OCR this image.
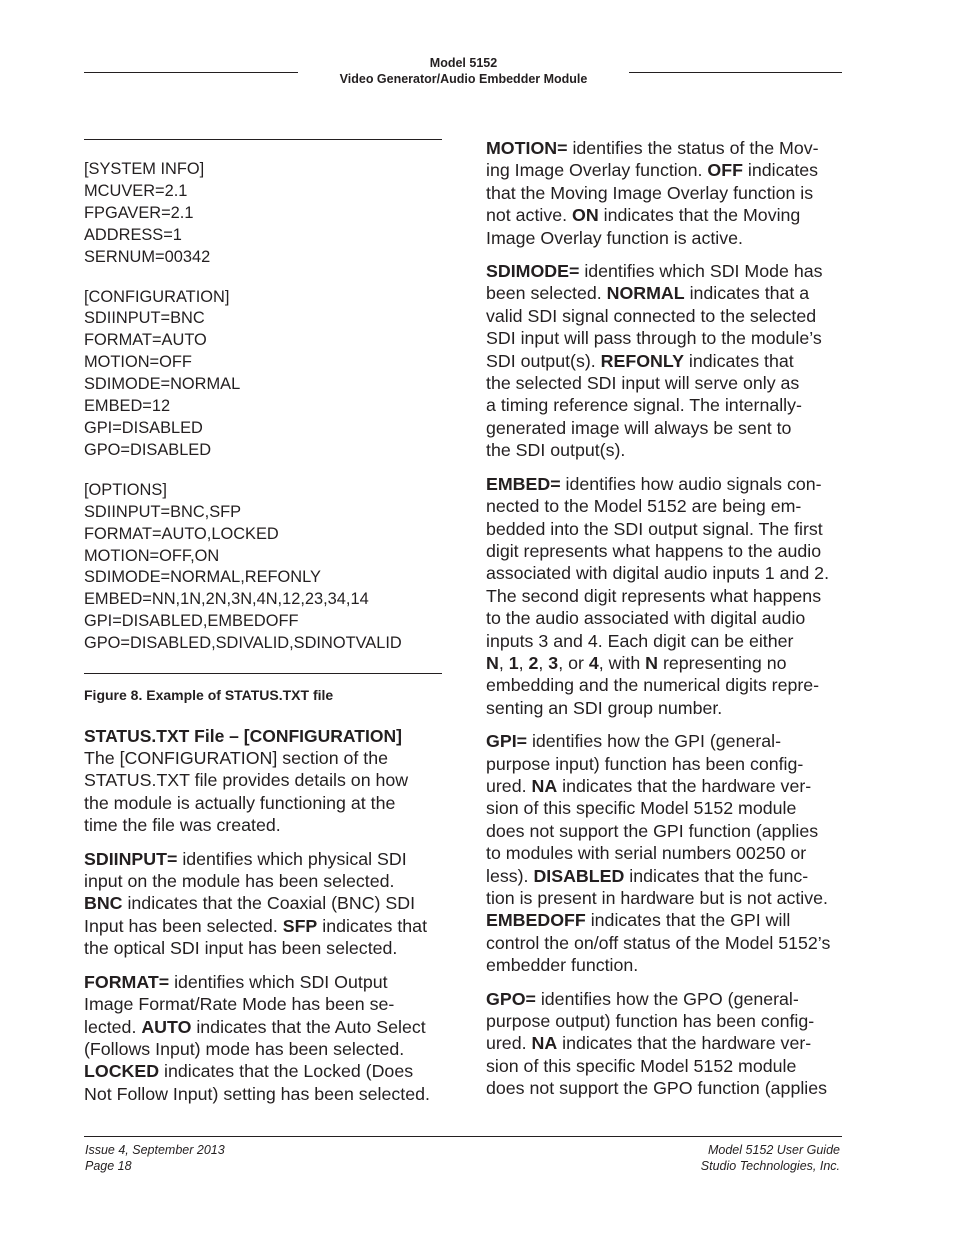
Model 5152
Video Generator/Audio Embedder Module
[SYSTEM INFO]
MCUVER=2.1
FPGAVER=2.1
ADDRESS=1
SERNUM=00342
[CONFIGURATION]
SDIINPUT=BNC
FORMAT=AUTO
MOTION=OFF
SDIMODE=NORMAL
EMBED=12
GPI=DISABLED
GPO=DISABLED
[OPTIONS]
SDIINPUT=BNC,SFP
FORMAT=AUTO,LOCKED
MOTION=OFF,ON
SDIMODE=NORMAL,REFONLY
EMBED=NN,1N,2N,3N,4N,12,23,34,14
GPI=DISABLED,EMBEDOFF
GPO=DISABLED,SDIVALID,SDINOTVALID
Figure 8. Example of STATUS.TXT file
STATUS.TXT File – [CONFIGURATION]
The [CONFIGURATION] section of the
STATUS.TXT file provides details on how
the module is actually functioning at the
time the file was created.
SDIINPUT= identifies which physical SDI
input on the module has been selected.
BNC indicates that the Coaxial (BNC) SDI
Input has been selected. SFP indicates that
the optical SDI input has been selected.
FORMAT= identifies which SDI Output
Image Format/Rate Mode has been se-
lected. AUTO indicates that the Auto Select
(Follows Input) mode has been selected.
LOCKED indicates that the Locked (Does
Not Follow Input) setting has been selected.
MOTION= identifies the status of the Mov-
ing Image Overlay function. OFF indicates
that the Moving Image Overlay function is
not active. ON indicates that the Moving
Image Overlay function is active.
SDIMODE= identifies which SDI Mode has
been selected. NORMAL indicates that a
valid SDI signal connected to the selected
SDI input will pass through to the module’s
SDI output(s). REFONLY indicates that
the selected SDI input will serve only as
a timing reference signal. The internally-
generated image will always be sent to
the SDI output(s).
EMBED= identifies how audio signals con-
nected to the Model 5152 are being em-
bedded into the SDI output signal. The first
digit represents what happens to the audio
associated with digital audio inputs 1 and 2.
The second digit represents what happens
to the audio associated with digital audio
inputs 3 and 4. Each digit can be either
N, 1, 2, 3, or 4, with N representing no
embedding and the numerical digits repre-
senting an SDI group number.
GPI= identifies how the GPI (general-
purpose input) function has been config-
ured. NA indicates that the hardware ver-
sion of this specific Model 5152 module
does not support the GPI function (applies
to modules with serial numbers 00250 or
less). DISABLED indicates that the func-
tion is present in hardware but is not active.
EMBEDOFF indicates that the GPI will
control the on/off status of the Model 5152’s
embedder function.
GPO= identifies how the GPO (general-
purpose output) function has been config-
ured. NA indicates that the hardware ver-
sion of this specific Model 5152 module
does not support the GPO function (applies
Issue 4, September 2013
Page 18
Model 5152 User Guide
Studio Technologies, Inc.
